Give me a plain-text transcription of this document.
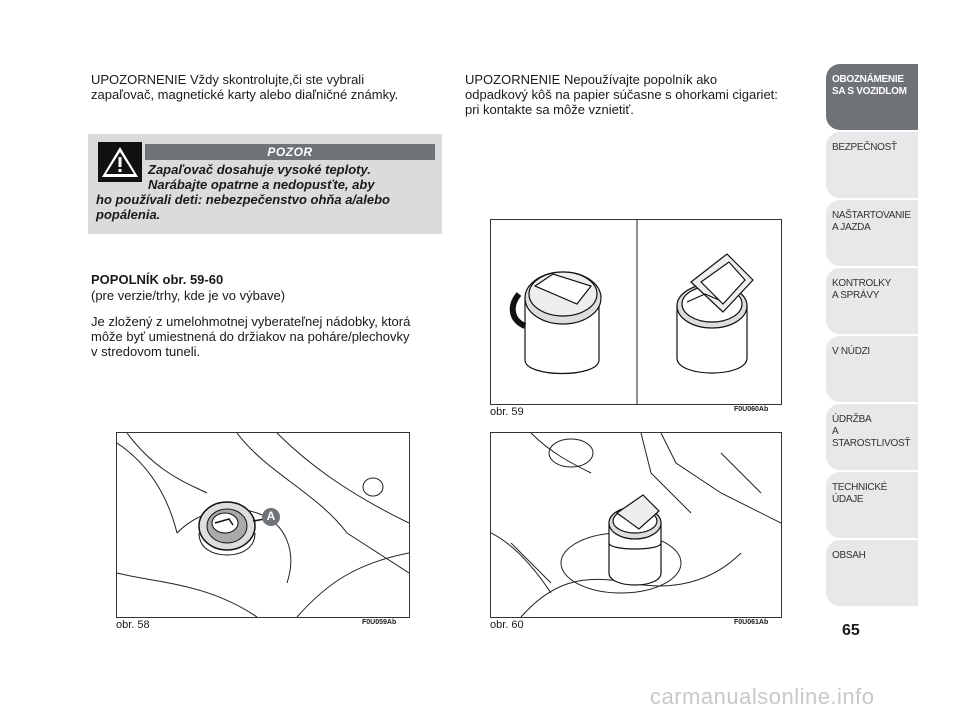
UPOZORNENIE Vždy skontrolujte,či ste vybrali
zapaľovač, magnetické karty alebo diaľničné známky.
POZOR
Zapaľovač dosahuje vysoké teploty.
Narábajte opatrne a nedopusťte, aby
ho používali deti: nebezpečenstvo ohňa a/alebo
popálenia.
POPOLNÍK obr. 59-60
(pre verzie/trhy, kde je vo výbave)
Je zložený z umelohmotnej vyberateľnej nádobky, ktorá
môže byť umiestnená do držiakov na poháre/plechovky
v stredovom tuneli.
UPOZORNENIE Nepoužívajte popolník ako
odpadkový kôš na papier súčasne s ohorkami cigariet:
pri kontakte sa môže vznietiť.
A
obr. 58	F0U059Ab
obr. 59	F0U060Ab
obr. 60	F0U061Ab
OBOZNÁMENIE
SA S VOZIDLOM
BEZPEČNOSŤ
NAŠTARTOVANIE
A JAZDA
KONTROLKY
A SPRÁVY
V NÚDZI
ÚDRŽBA
A STAROSTLIVOSŤ
TECHNICKÉ
ÚDAJE
OBSAH
65
carmanualsonline.info
